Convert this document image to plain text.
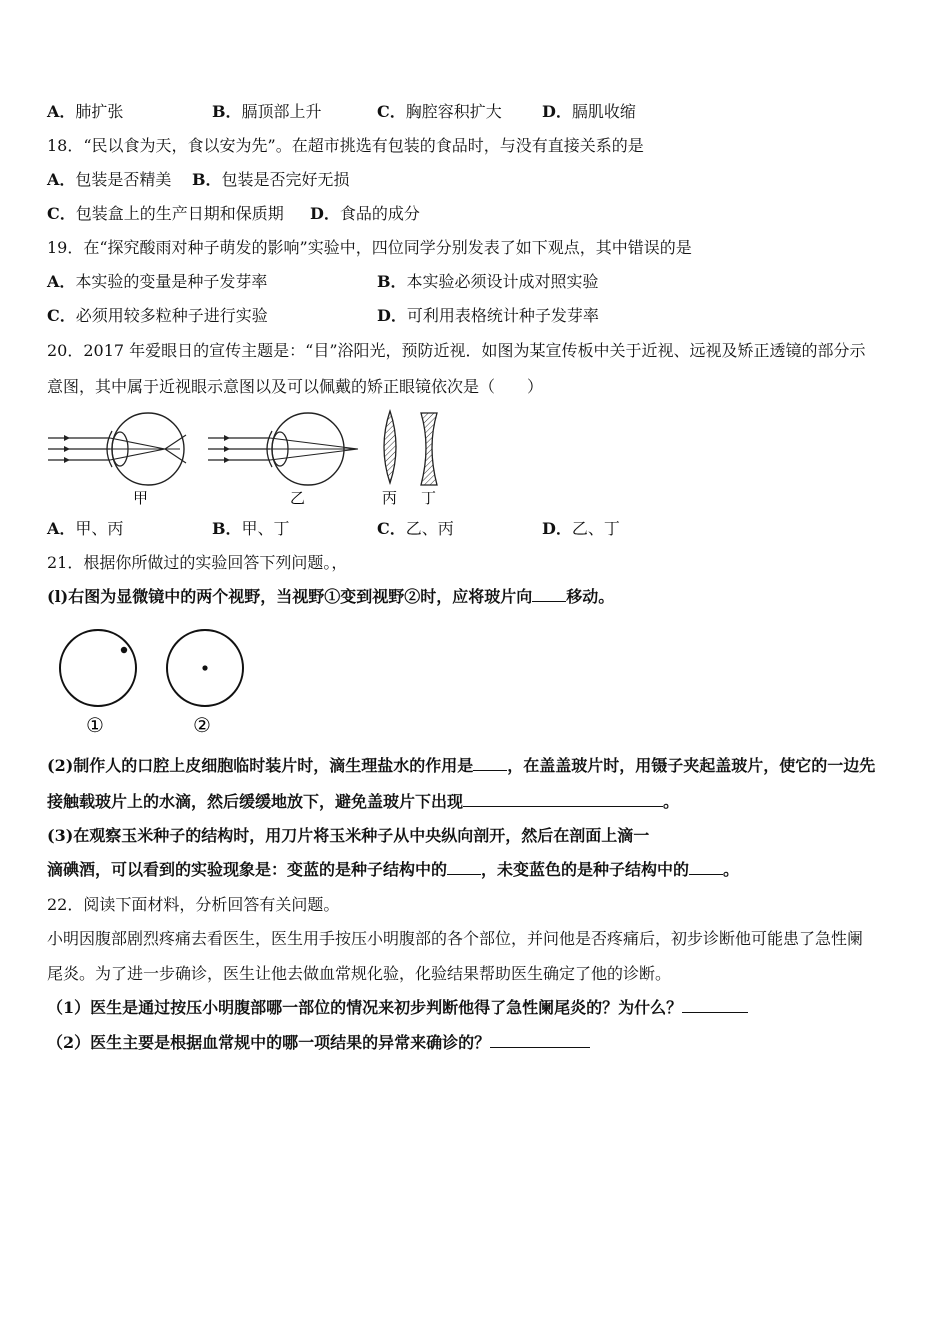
A．肺扩张	B．膈顶部上升	C．胸腔容积扩大	D．膈肌收缩
18．“民以食为天，食以安为先”。在超市挑选有包装的食品时，与没有直接关系的是
A．包装是否精美 B．包装是否完好无损
C．包装盒上的生产日期和保质期 D．食品的成分
19．在“探究酸雨对种子萌发的影响”实验中，四位同学分别发表了如下观点，其中错误的是
A．本实验的变量是种子发芽率	B．本实验必须设计成对照实验
C．必须用较多粒种子进行实验	D．可利用表格统计种子发芽率
20．2017 年爱眼日的宣传主题是：“目”浴阳光，预防近视．如图为某宣传板中关于近视、远视及矫正透镜的部分示
意图，其中属于近视眼示意图以及可以佩戴的矫正眼镜依次是（　　）
甲	乙	丙 丁
A．甲、丙	B．甲、丁	C．乙、丙	D．乙、丁
21．根据你所做过的实验回答下列问题。，
(l)右图为显微镜中的两个视野，当视野①变到视野②时，应将玻片向 移动。
①	②
(2)制作人的口腔上皮细胞临时装片时，滴生理盐水的作用是 ，在盖盖玻片时，用镊子夹起盖玻片，使它的一边先
接触载玻片上的水滴，然后缓缓地放下，避免盖玻片下出现	。
(3)在观察玉米种子的结构时，用刀片将玉米种子从中央纵向剖开，然后在剖面上滴一
滴碘酒，可以看到的实验现象是：变蓝的是种子结构中的 ，未变蓝色的是种子结构中的 。
22．阅读下面材料，分析回答有关问题。
小明因腹部剧烈疼痛去看医生，医生用手按压小明腹部的各个部位，并问他是否疼痛后，初步诊断他可能患了急性阑
尾炎。为了进一步确诊，医生让他去做血常规化验，化验结果帮助医生确定了他的诊断。
（1）医生是通过按压小明腹部哪一部位的情况来初步判断他得了急性阑尾炎的？为什么？
（2）医生主要是根据血常规中的哪一项结果的异常来确诊的？
